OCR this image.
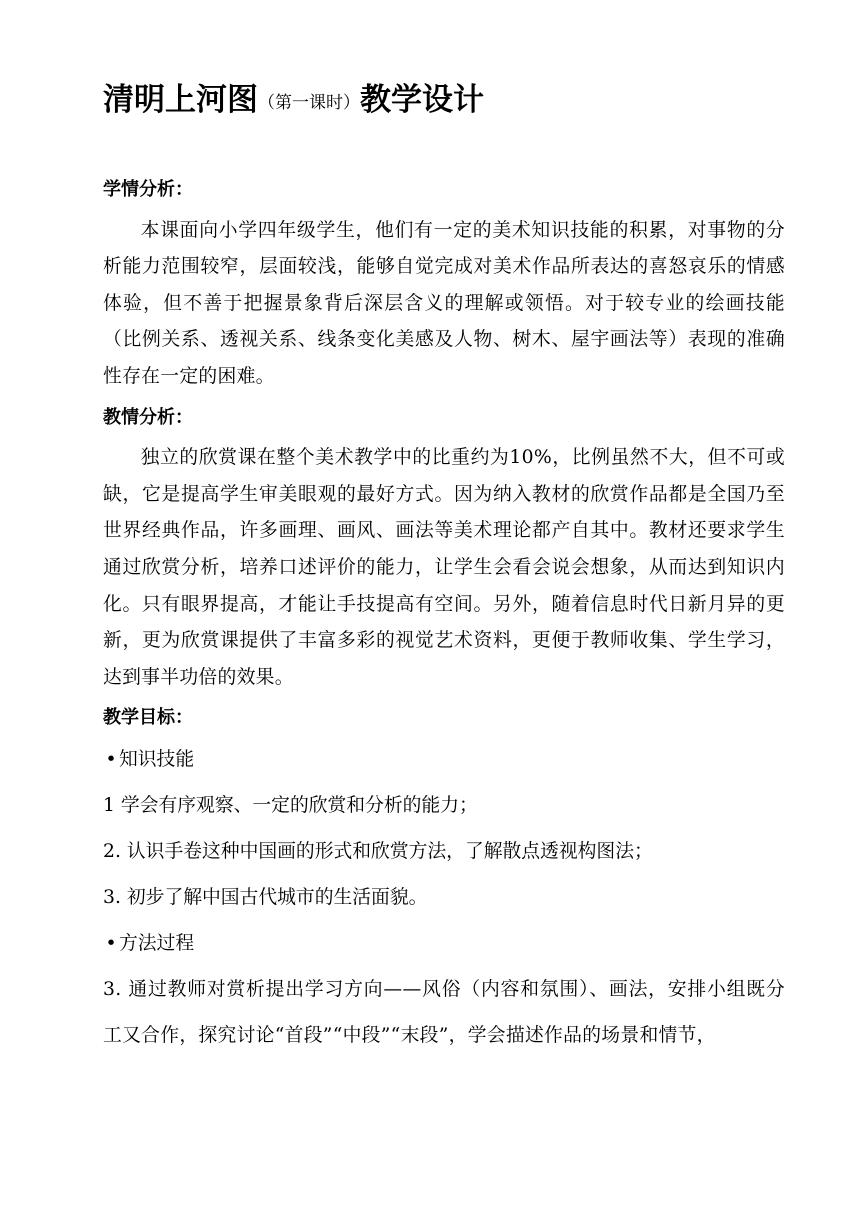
清明上河图（第一课时）教学设计

学情分析：

本课面向小学四年级学生，他们有一定的美术知识技能的积累，对事物的分析能力范围较窄，层面较浅，能够自觉完成对美术作品所表达的喜怒哀乐的情感体验，但不善于把握景象背后深层含义的理解或领悟。对于较专业的绘画技能（比例关系、透视关系、线条变化美感及人物、树木、屋宇画法等）表现的准确性存在一定的困难。

教情分析：

独立的欣赏课在整个美术教学中的比重约为10%，比例虽然不大，但不可或缺，它是提高学生审美眼观的最好方式。因为纳入教材的欣赏作品都是全国乃至世界经典作品，许多画理、画风、画法等美术理论都产自其中。教材还要求学生通过欣赏分析，培养口述评价的能力，让学生会看会说会想象，从而达到知识内化。只有眼界提高，才能让手技提高有空间。另外，随着信息时代日新月异的更新，更为欣赏课提供了丰富多彩的视觉艺术资料，更便于教师收集、学生学习，达到事半功倍的效果。

教学目标：

• 知识技能

1 学会有序观察、一定的欣赏和分析的能力；

2. 认识手卷这种中国画的形式和欣赏方法，了解散点透视构图法；

3. 初步了解中国古代城市的生活面貌。

• 方法过程

3. 通过教师对赏析提出学习方向——风俗（内容和氛围）、画法，安排小组既分工又合作，探究讨论“首段”“中段”“末段”，学会描述作品的场景和情节，
